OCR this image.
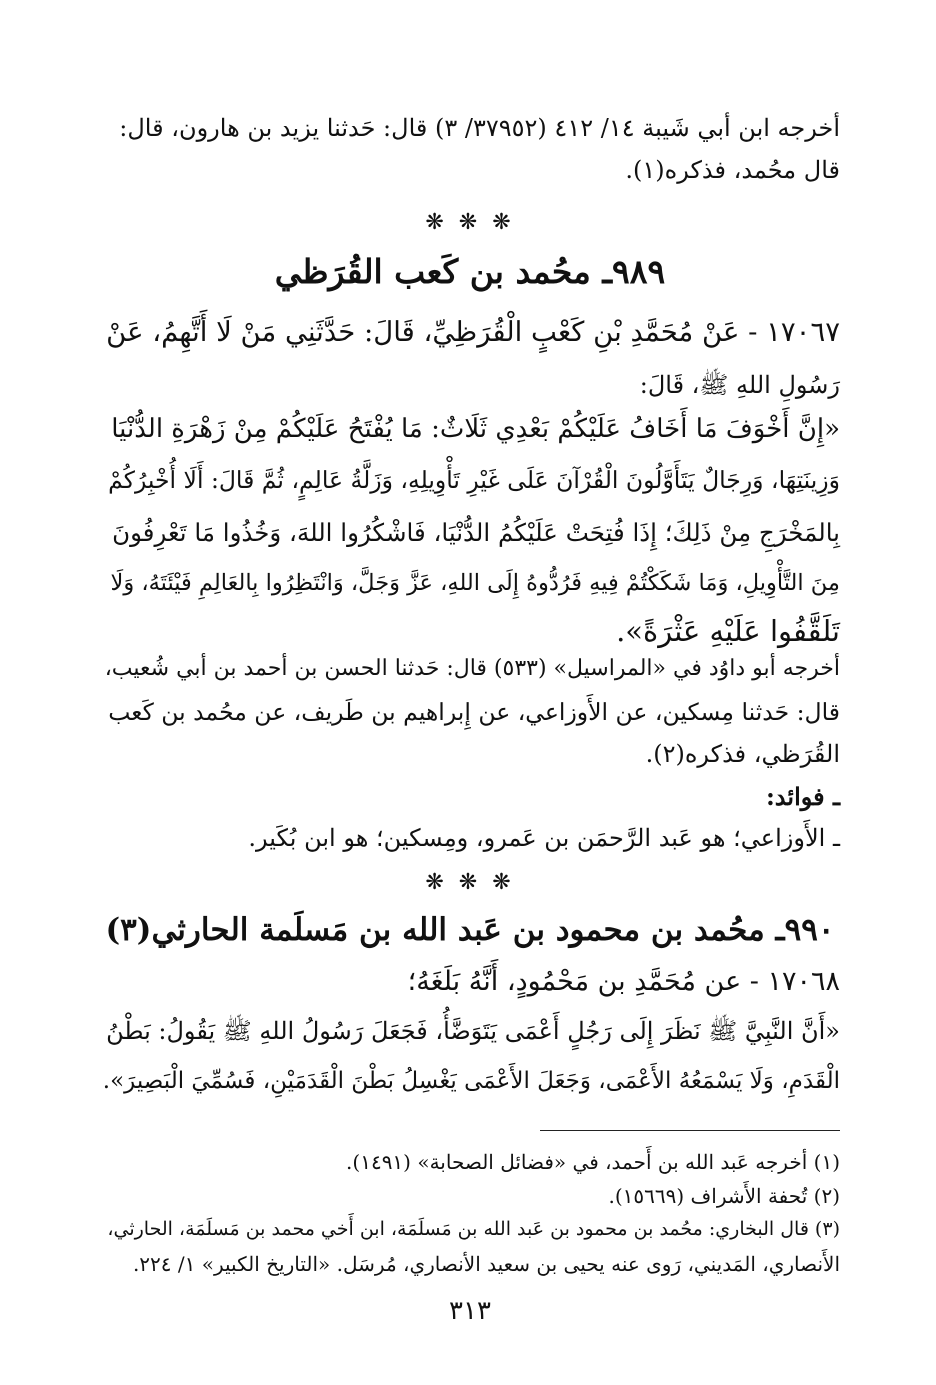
أخرجه ابن أبي شَيبة ١٤/ ٤١٢ (٣٧٩٥٢/ ٣) قال: حَدثنا يزيد بن هارون، قال:
قال محُمد، فذكره(١).
❋ ❋ ❋
٩٨٩ـ محُمد بن كَعب القُرَظي
١٧٠٦٧ - عَنْ مُحَمَّدِ بْنِ كَعْبٍ الْقُرَظِيِّ، قَالَ: حَدَّثَنِي مَنْ لَا أَتَّهِمُ، عَنْ
رَسُولِ اللهِ ﷺ، قَالَ:
«إِنَّ أَخْوَفَ مَا أَخَافُ عَلَيْكُمْ بَعْدِي ثَلَاثٌ: مَا يُفْتَحُ عَلَيْكُمْ مِنْ زَهْرَةِ الدُّنْيَا
وَزِينَتِهَا، وَرِجَالٌ يَتَأَوَّلُونَ الْقُرْآنَ عَلَى غَيْرِ تَأْوِيلِهِ، وَزَلَّةُ عَالِمٍ، ثُمَّ قَالَ: أَلَا أُخْبِرُكُمْ
بِالمَخْرَجِ مِنْ ذَلِكَ؛ إِذَا فُتِحَتْ عَلَيْكُمُ الدُّنْيَا، فَاشْكُرُوا اللهَ، وَخُذُوا مَا تَعْرِفُونَ
مِنَ التَّأْوِيلِ، وَمَا شَكَكْتُمْ فِيهِ فَرُدُّوهُ إِلَى اللهِ، عَزَّ وَجَلَّ، وَانْتَظِرُوا بِالعَالِمِ فَيْئَتَهُ، وَلَا
تَلَقَّفُوا عَلَيْهِ عَثْرَةً».
أخرجه أبو داوُد في «المراسيل» (٥٣٣) قال: حَدثنا الحسن بن أحمد بن أبي شُعيب،
قال: حَدثنا مِسكين، عن الأَوزاعي، عن إِبراهيم بن طَريف، عن محُمد بن كَعب
القُرَظي، فذكره(٢).
ـ فوائد:
ـ الأَوزاعي؛ هو عَبد الرَّحمَن بن عَمرو، ومِسكين؛ هو ابن بُكَير.
❋ ❋ ❋
٩٩٠ـ محُمد بن محمود بن عَبد الله بن مَسلَمة الحارثي(٣)
١٧٠٦٨ - عن مُحَمَّدِ بن مَحْمُودٍ، أَنَّهُ بَلَغَهُ؛
«أَنَّ النَّبِيَّ ﷺ نَظَرَ إِلَى رَجُلٍ أَعْمَى يَتَوَضَّأُ، فَجَعَلَ رَسُولُ اللهِ ﷺ يَقُولُ: بَطْنُ
الْقَدَمِ، وَلَا يَسْمَعُهُ الأَعْمَى، وَجَعَلَ الأَعْمَى يَغْسِلُ بَطْنَ الْقَدَمَيْنِ، فَسُمِّيَ الْبَصِيرَ».
(١) أخرجه عَبد الله بن أَحمد، في «فضائل الصحابة» (١٤٩١).
(٢) تُحفة الأَشراف (١٥٦٦٩).
(٣) قال البخاري: محُمد بن محمود بن عَبد الله بن مَسلَمَة، ابن أَخي محمد بن مَسلَمَة، الحارثي،
الأَنصاري، المَديني، رَوى عنه يحيى بن سعيد الأنصاري، مُرسَل. «التاريخ الكبير» ١/ ٢٢٤.
٣١٣
